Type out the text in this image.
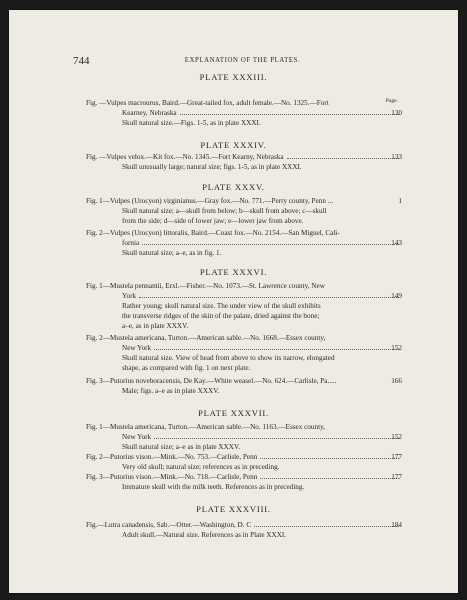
744	EXPLANATION OF THE PLATES.
PLATE XXXIII.
Page.
Fig. —Vulpes macrourus, Baird.—Great-tailed fox, adult female.—No. 1325.—Fort
Kearney, Nebraska	130
Skull natural size.—Figs. 1-5, as in plate XXXI.
PLATE XXXIV.
Fig. —Vulpes velox.—Kit fox.—No. 1345.—Fort Kearny, Nebraska	133
Skull unusually large; natural size; figs. 1-5, as in plate XXXI.
PLATE XXXV.
Fig. 1—Vulpes (Urocyon) virginianus.—Gray fox.—No. 771.—Perry county, Penn ...	1
Skull natural size; a—skull from below; b—skull from above; c—skull
from the side; d—side of lower jaw; e—lower jaw from above.
Fig. 2—Vulpes (Urocyon) littoralis, Baird.—Coast fox.—No. 2154.—San Miguel, Cali-
fornia	143
Skull natural size; a–e, as in fig. 1.
PLATE XXXVI.
Fig. 1—Mustela pennantii, Erxl.—Fisher.—No. 1073.—St. Lawrence county, New
York	149
Rather young; skull natural size. The under view of the skull exhibits
the transverse ridges of the skin of the palate, dried against the bone;
a–e, as in plate XXXV.
Fig. 2—Mustela americana, Turton.—American sable.—No. 1668.—Essex county,
New York	152
Skull natural size. View of head from above to show its narrow, elongated
shape, as compared with fig. 1 on next plate.
Fig. 3—Putorius noveboracensis, De Kay.—White weasel.—No. 624.—Carlisle, Pa.....	166
Male; figs. a–e as in plate XXXV.
PLATE XXXVII.
Fig. 1—Mustela americana, Turton.—American sable.—No. 1163.—Essex county,
New York	152
Skull natural size; a–e as in plate XXXV.
Fig. 2—Putorius vison.—Mink.—No. 753.—Carlisle, Penn	177
Very old skull; natural size; references as in preceding.
Fig. 3—Putorius vison.—Mink.—No. 718.—Carlisle, Penn	177
Immature skull with the milk teeth. References as in preceding.
PLATE XXXVIII.
Fig.—Lutra canadensis, Sab.—Otter.—Washington, D. C	184
Adult skull.—Natural size. References as in Plate XXXI.
